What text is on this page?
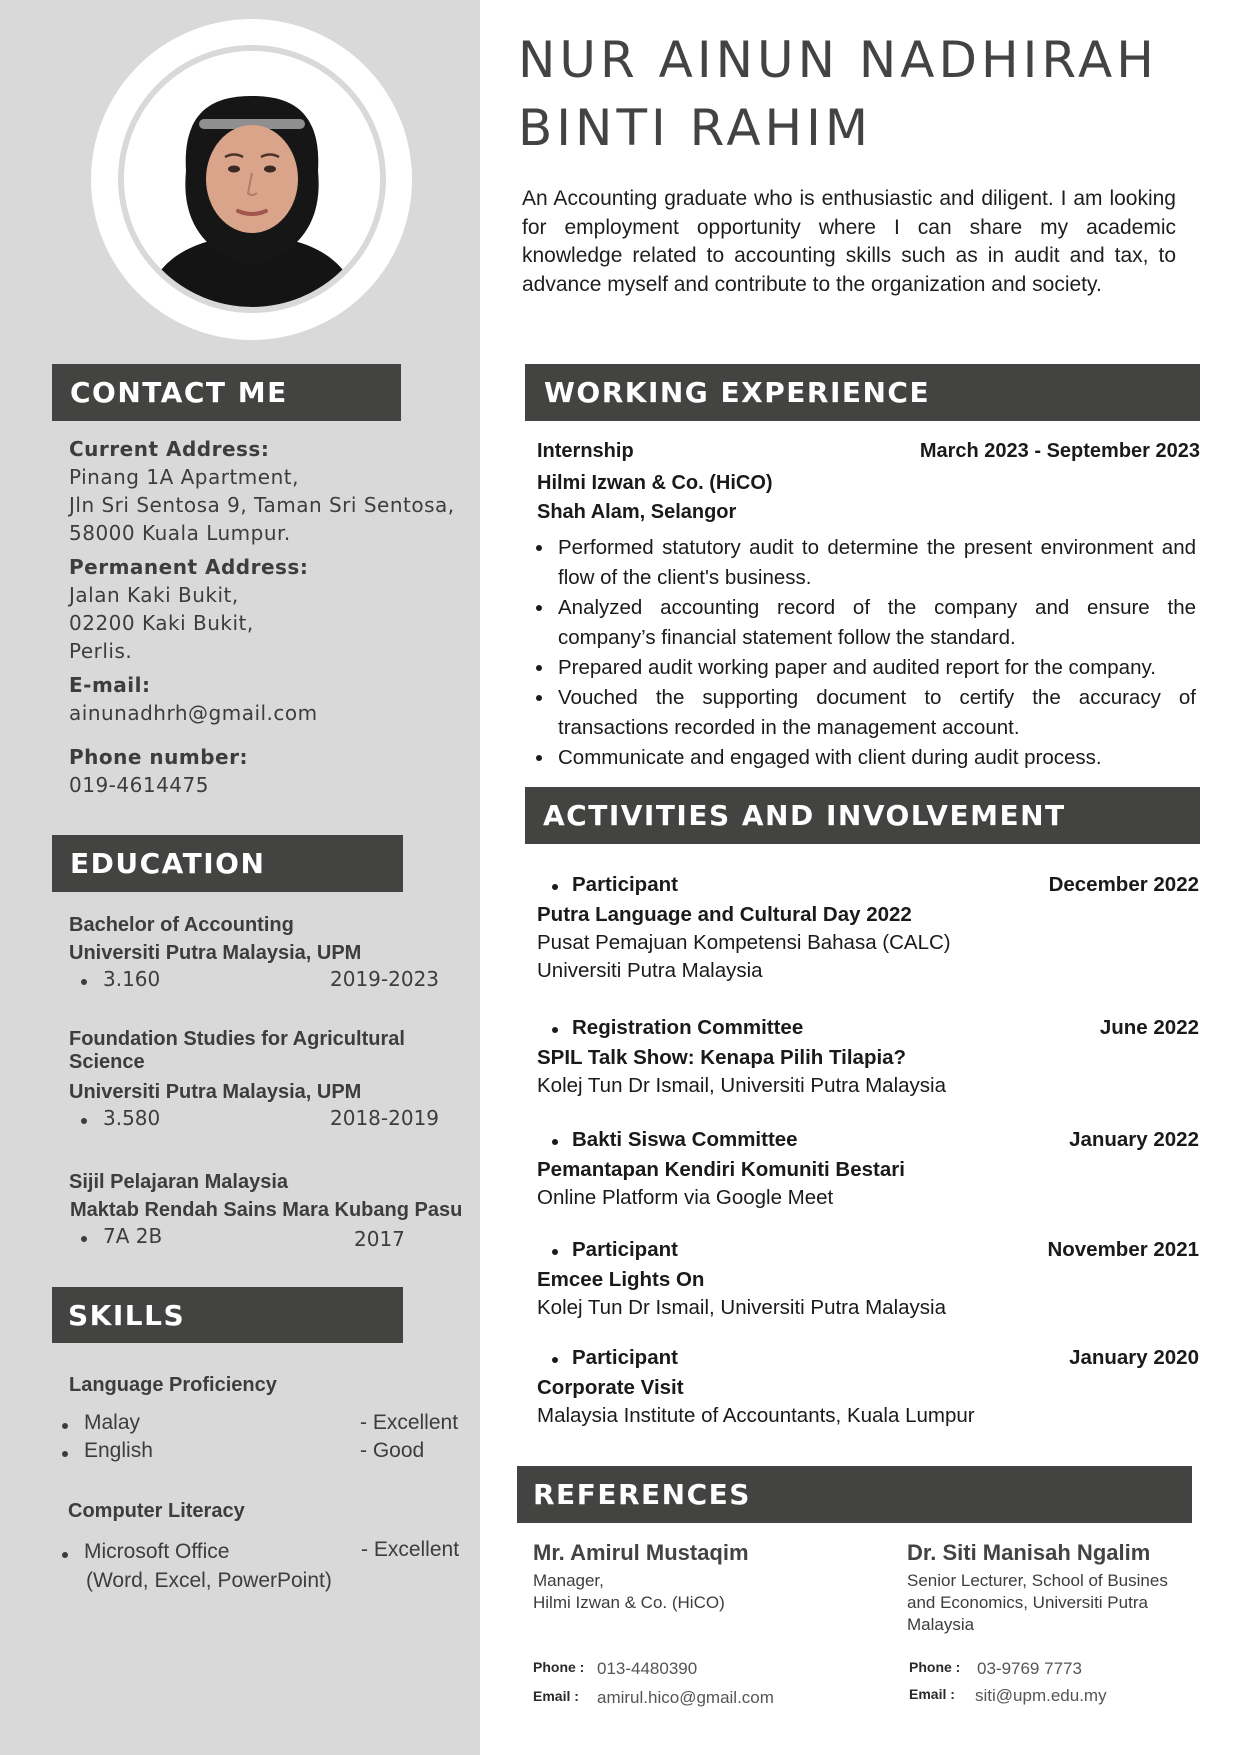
CONTACT ME
Current Address:
Pinang 1A Apartment,
Jln Sri Sentosa 9, Taman Sri Sentosa,
58000 Kuala Lumpur.
Permanent Address:
Jalan Kaki Bukit,
02200 Kaki Bukit,
Perlis.
E-mail:
ainunadhrh@gmail.com
Phone number:
019-4614475
EDUCATION
Bachelor of Accounting
Universiti Putra Malaysia, UPM
3.160	2019-2023
Foundation Studies for Agricultural Science
Universiti Putra Malaysia, UPM
3.580	2018-2019
Sijil Pelajaran Malaysia
Maktab Rendah Sains Mara Kubang Pasu
7A 2B	2017
SKILLS
Language Proficiency
Malay	- Excellent
English	- Good
Computer Literacy
Microsoft Office	- Excellent
(Word, Excel, PowerPoint)
NUR AINUN NADHIRAH
BINTI RAHIM

An Accounting graduate who is enthusiastic and diligent. I am looking for employment opportunity where I can share my academic knowledge related to accounting skills such as in audit and tax, to advance myself and contribute to the organization and society.

WORKING EXPERIENCE
Internship	March 2023 - September 2023
Hilmi Izwan & Co. (HiCO)
Shah Alam, Selangor
Performed statutory audit to determine the present environment and flow of the client's business.
Analyzed accounting record of the company and ensure the company’s financial statement follow the standard.
Prepared audit working paper and audited report for the company.
Vouched the supporting document to certify the accuracy of transactions recorded in the management account.
Communicate and engaged with client during audit process.
ACTIVITIES AND INVOLVEMENT
Participant	December 2022
Putra Language and Cultural Day 2022
Pusat Pemajuan Kompetensi Bahasa (CALC)
Universiti Putra Malaysia
Registration Committee	June 2022
SPIL Talk Show: Kenapa Pilih Tilapia?
Kolej Tun Dr Ismail, Universiti Putra Malaysia
Bakti Siswa Committee	January 2022
Pemantapan Kendiri Komuniti Bestari
Online Platform via Google Meet
Participant	November 2021
Emcee Lights On
Kolej Tun Dr Ismail, Universiti Putra Malaysia
Participant	January 2020
Corporate Visit
Malaysia Institute of Accountants, Kuala Lumpur
REFERENCES
Mr. Amirul Mustaqim
Manager,
Hilmi Izwan & Co. (HiCO)
Phone : 013-4480390
Email : amirul.hico@gmail.com
Dr. Siti Manisah Ngalim
Senior Lecturer, School of Busines
and Economics, Universiti Putra
Malaysia
Phone : 03-9769 7773
Email : siti@upm.edu.my
